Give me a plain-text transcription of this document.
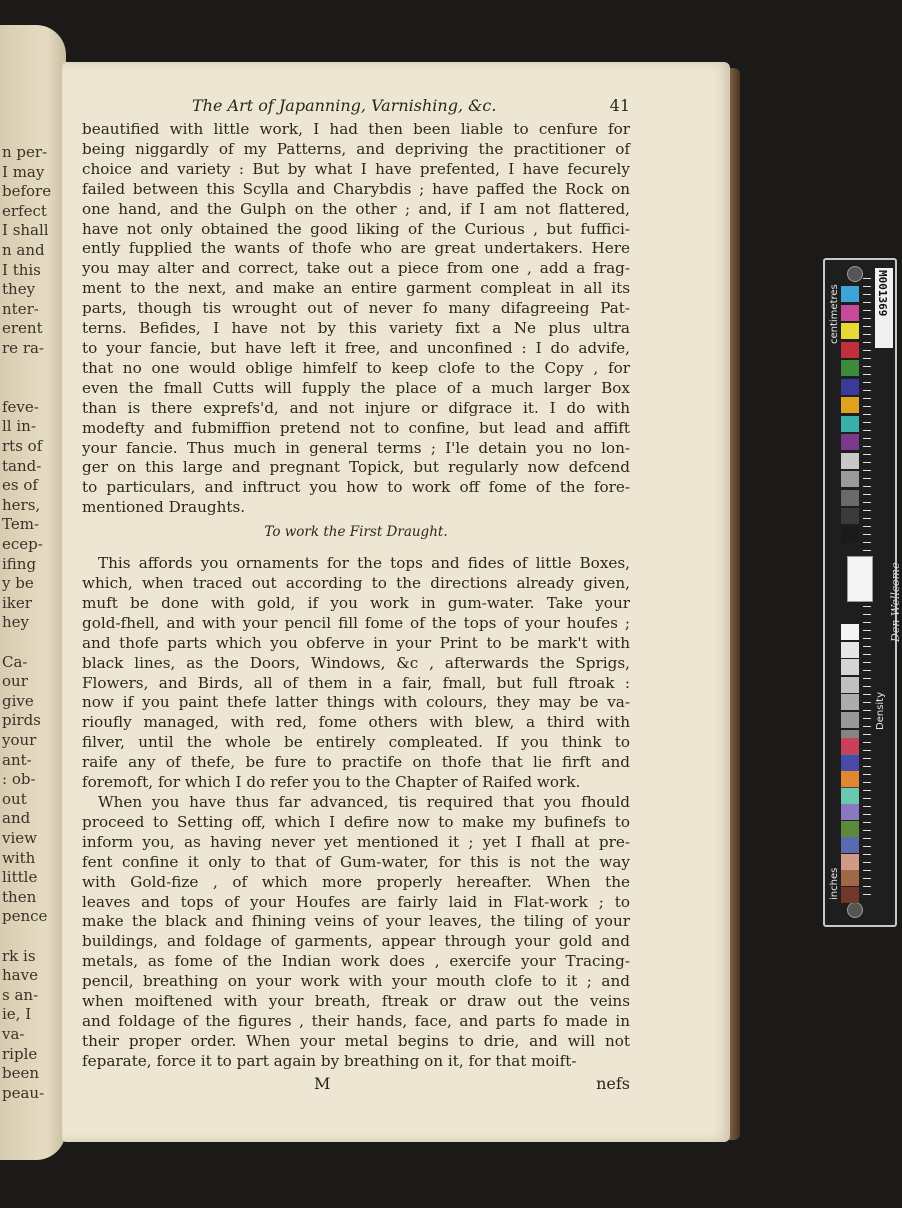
n per-
I may
before
erfect
I shall
n and
I this
they
nter-
erent
re ra-
feve-
ll in-
rts of
tand-
es of
hers,
Tem-
ecep-
ifing
y be
iker
hey
Ca-
our
give
pirds
your
ant-
: ob-
out
and
view
with
little
then
pence
rk is
have
s an-
ie, I
va-
riple
been
peau-
The Art of Japanning, Varnishing, &c.	41
beautified with little work, I had then been liable to cenfure for
being niggardly of my Patterns, and depriving the practitioner of
choice and variety : But by what I have prefented, I have fecurely
failed between this Scylla and Charybdis ; have paffed the Rock on
one hand, and the Gulph on the other ; and, if I am not flattered,
have not only obtained the good liking of the Curious , but fuffici-
ently fupplied the wants of thofe who are great undertakers. Here
you may alter and correct, take out a piece from one , add a frag-
ment to the next, and make an entire garment compleat in all its
parts, though tis wrought out of never fo many difagreeing Pat-
terns. Befides, I have not by this variety fixt a Ne plus ultra
to your fancie, but have left it free, and unconfined : I do advife,
that no one would oblige himfelf to keep clofe to the Copy , for
even the fmall Cutts will fupply the place of a much larger Box
than is there exprefs'd, and not injure or difgrace it. I do with
modefty and fubmiffion pretend not to confine, but lead and affift
your fancie. Thus much in general terms ; I'le detain you no lon-
ger on this large and pregnant Topick, but regularly now defcend
to particulars, and inftruct you how to work off fome of the fore-
mentioned Draughts.
To work the First Draught.
This affords you ornaments for the tops and fides of little Boxes,
which, when traced out according to the directions already given,
muft be done with gold, if you work in gum-water. Take your
gold-fhell, and with your pencil fill fome of the tops of your houfes ;
and thofe parts which you obferve in your Print to be mark't with
black lines, as the Doors, Windows, &c , afterwards the Sprigs,
Flowers, and Birds, all of them in a fair, fmall, but full ftroak :
now if you paint thefe latter things with colours, they may be va-
rioufly managed, with red, fome others with blew, a third with
filver, until the whole be entirely compleated. If you think to
raife any of thefe, be fure to practife on thofe that lie firft and
foremoft, for which I do refer you to the Chapter of Raifed work.
When you have thus far advanced, tis required that you fhould
proceed to Setting off, which I defire now to make my bufinefs to
inform you, as having never yet mentioned it ; yet I fhall at pre-
fent confine it only to that of Gum-water, for this is not the way
with Gold-fize , of which more properly hereafter. When the
leaves and tops of your Houfes are fairly laid in Flat-work ; to
make the black and fhining veins of your leaves, the tiling of your
buildings, and foldage of garments, appear through your gold and
metals, as fome of the Indian work does , exercife your Tracing-
pencil, breathing on your work with your mouth clofe to it ; and
when moiftened with your breath, ftreak or draw out the veins
and foldage of the figures , their hands, face, and parts fo made in
their proper order. When your metal begins to drie, and will not
feparate, force it to part again by breathing on it, for that moift-
M	nefs
M001369
centimetres
inches
Density
Den Wellcome
